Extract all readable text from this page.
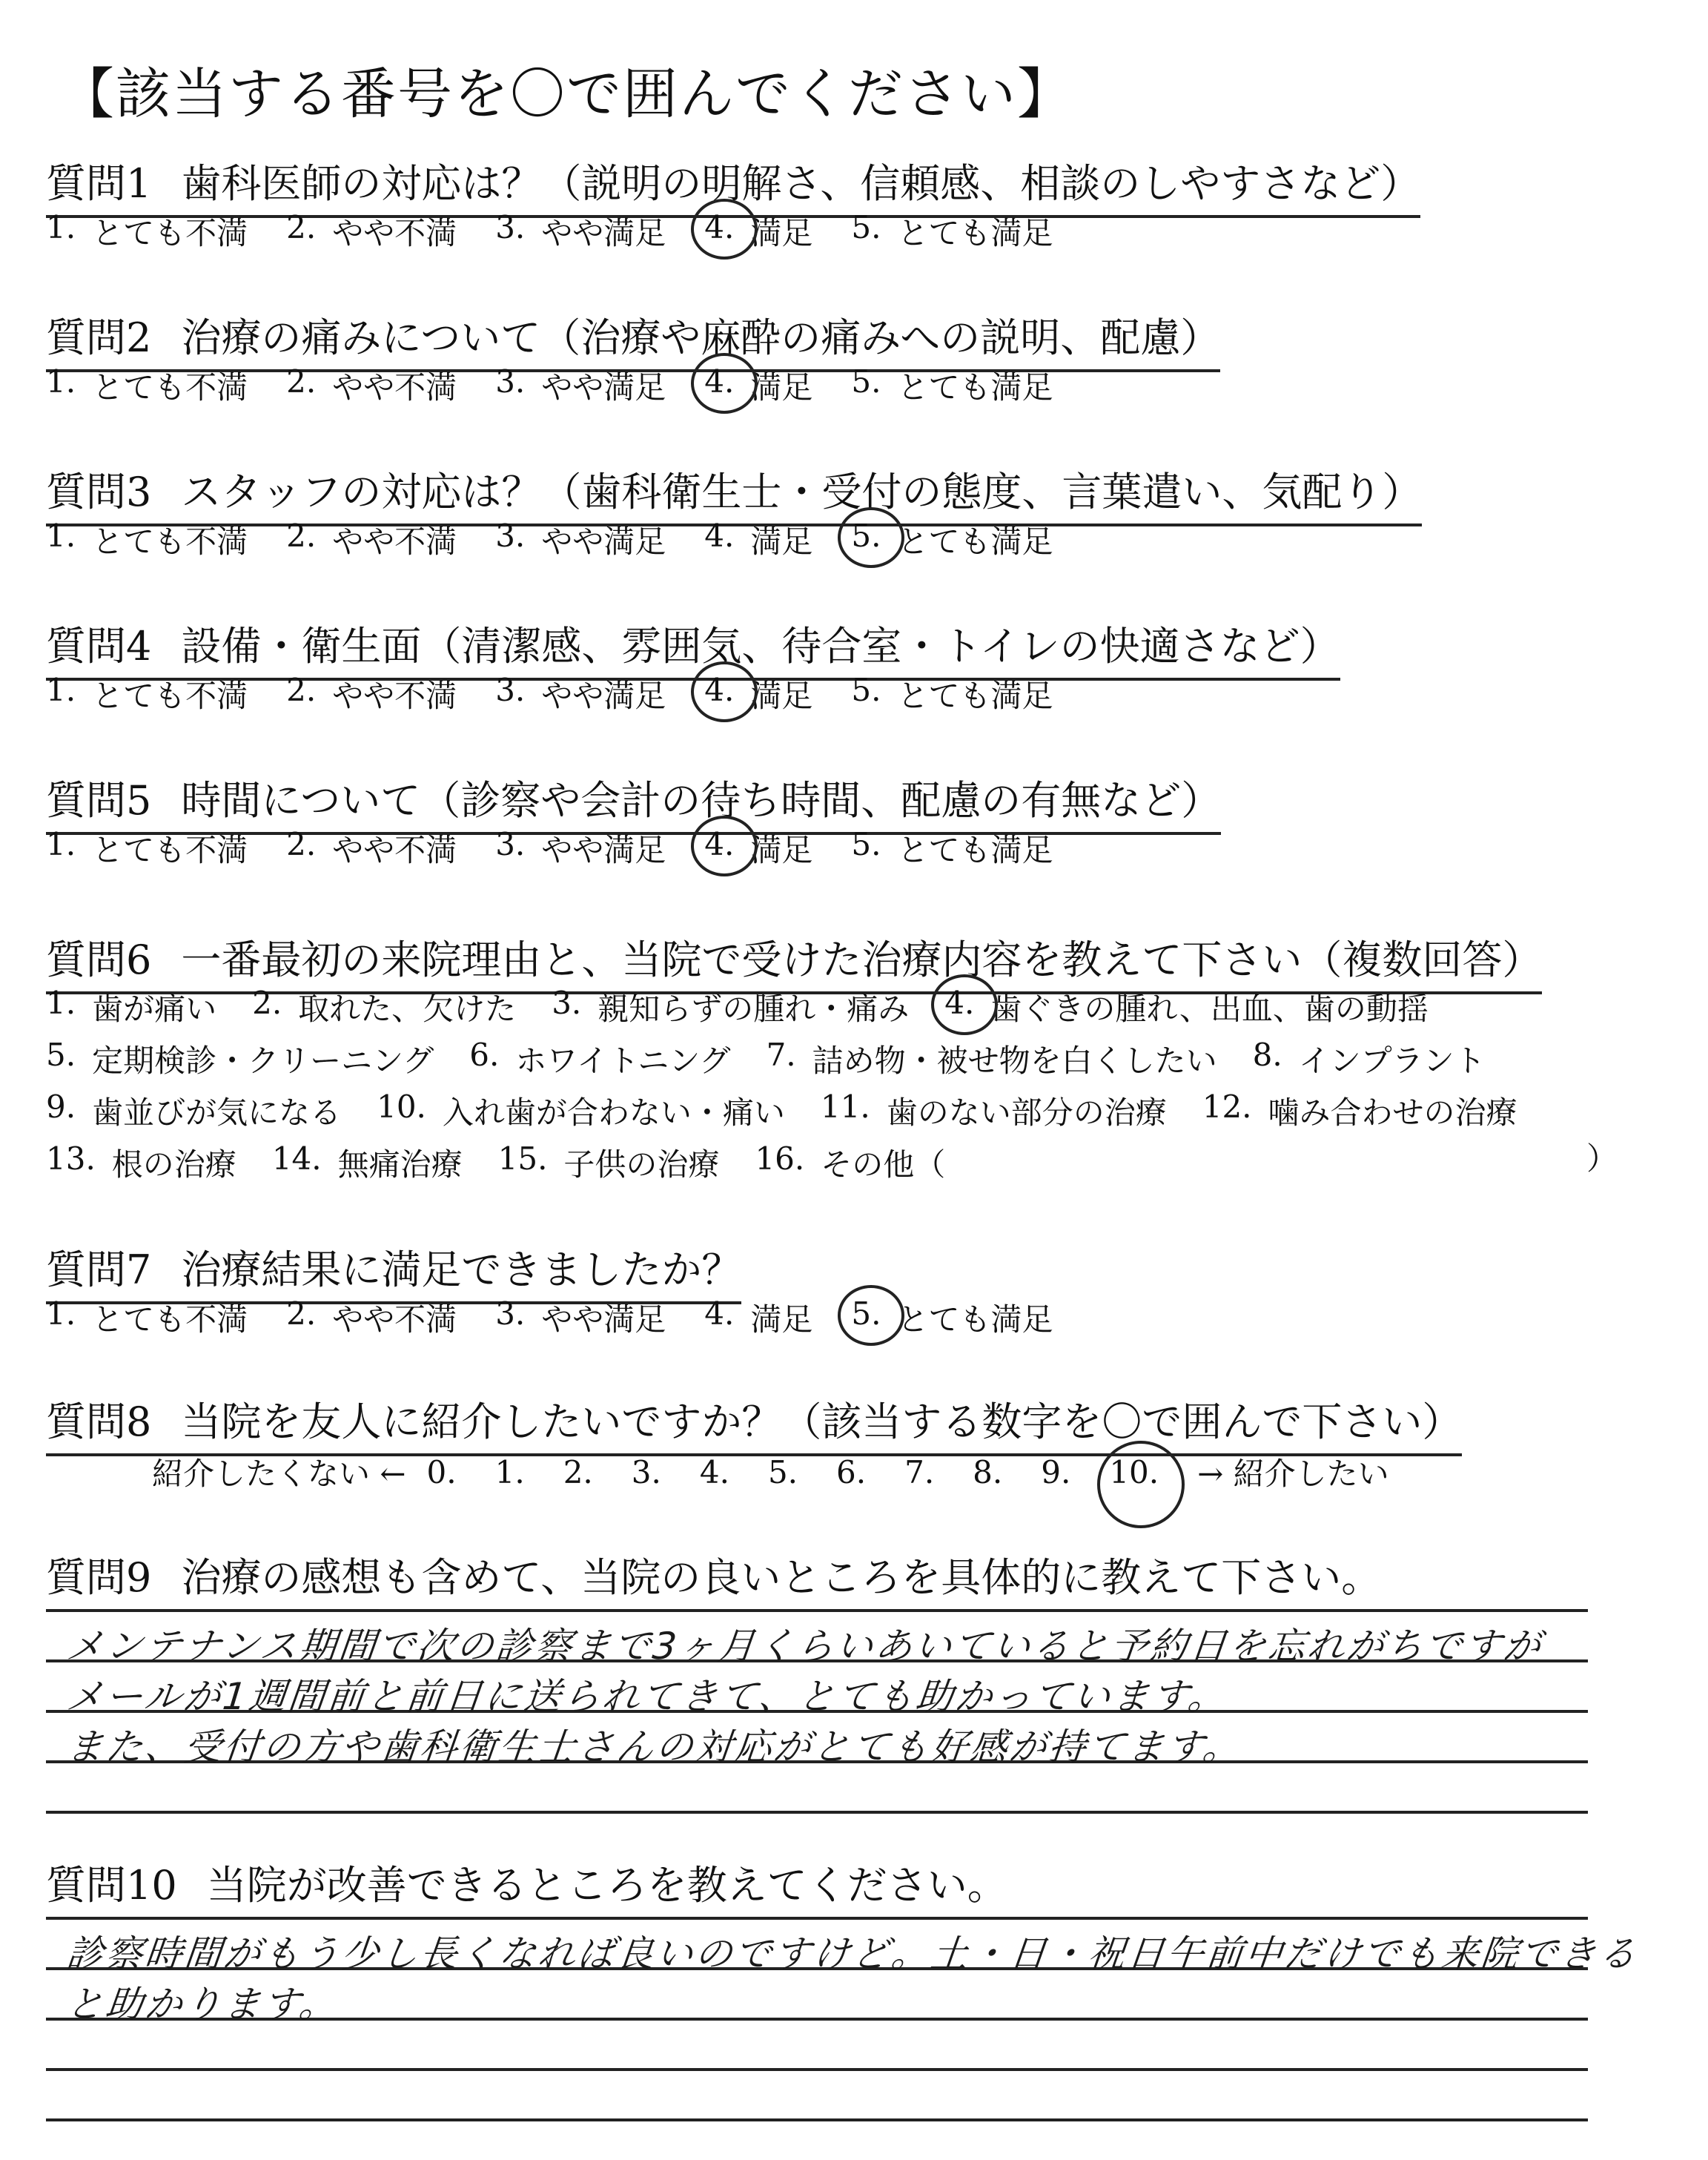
【該当する番号を〇で囲んでください】
質問1 歯科医師の対応は？（説明の明解さ、信頼感、相談のしやすさなど）
1. とても不満 2. やや不満 3. やや満足 4. 満足 5. とても満足
質問2 治療の痛みについて（治療や麻酔の痛みへの説明、配慮）
1. とても不満 2. やや不満 3. やや満足 4. 満足 5. とても満足
質問3 スタッフの対応は？（歯科衛生士・受付の態度、言葉遣い、気配り）
1. とても不満 2. やや不満 3. やや満足 4. 満足 5. とても満足
質問4 設備・衛生面（清潔感、雰囲気、待合室・トイレの快適さなど）
1. とても不満 2. やや不満 3. やや満足 4. 満足 5. とても満足
質問5 時間について（診察や会計の待ち時間、配慮の有無など）
1. とても不満 2. やや不満 3. やや満足 4. 満足 5. とても満足
質問6 一番最初の来院理由と、当院で受けた治療内容を教えて下さい（複数回答）
1. 歯が痛い 2. 取れた、欠けた 3. 親知らずの腫れ・痛み 4. 歯ぐきの腫れ、出血、歯の動揺
5. 定期検診・クリーニング 6. ホワイトニング 7. 詰め物・被せ物を白くしたい 8. インプラント
9. 歯並びが気になる 10. 入れ歯が合わない・痛い 11. 歯のない部分の治療 12. 噛み合わせの治療
13. 根の治療 14. 無痛治療 15. 子供の治療 16. その他（	）
質問7 治療結果に満足できましたか？
1. とても不満 2. やや不満 3. やや満足 4. 満足 5. とても満足
質問8 当院を友人に紹介したいですか？（該当する数字を〇で囲んで下さい）
紹介したくない ← 0. 1. 2. 3. 4. 5. 6. 7. 8. 9. 10. → 紹介したい
質問9 治療の感想も含めて、当院の良いところを具体的に教えて下さい。
メンテナンス期間で次の診察まで3ヶ月くらいあいていると予約日を忘れがちですが
メールが1週間前と前日に送られてきて、とても助かっています。
また、受付の方や歯科衛生士さんの対応がとても好感が持てます。
質問10 当院が改善できるところを教えてください。
診察時間がもう少し長くなれば良いのですけど。土・日・祝日午前中だけでも来院できる
と助かります。
